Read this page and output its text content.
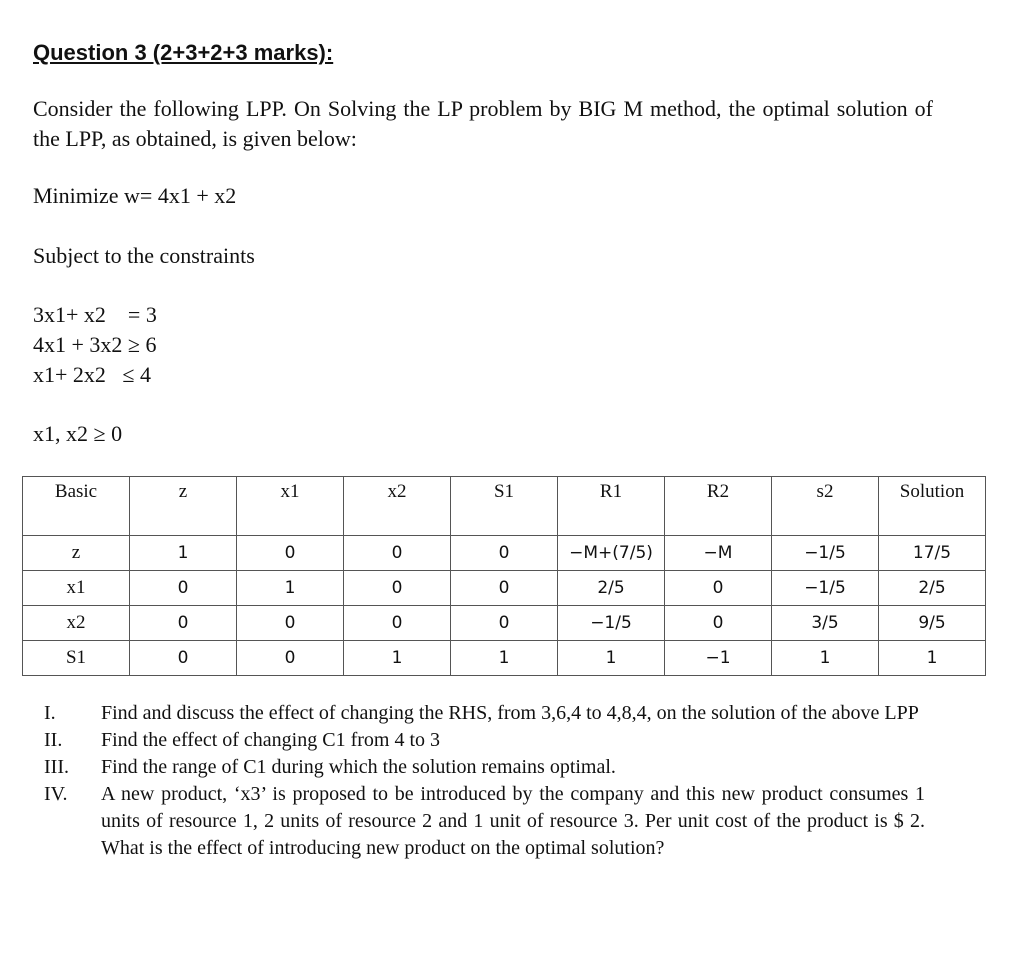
Question 3 (2+3+2+3 marks):
Consider the following LPP. On Solving the LP problem by BIG M method, the optimal solution of the LPP, as obtained, is given below:
Minimize w= 4x1 + x2
Subject to the constraints
3x1+ x2    = 3
4x1 + 3x2 ≥ 6
x1+ 2x2   ≤ 4
x1, x2 ≥ 0
Basic	z	x1	x2	S1	R1	R2	s2	Solution
z	1	0	0	0	−M+(7/5)	−M	−1/5	17/5
x1	0	1	0	0	2/5	0	−1/5	2/5
x2	0	0	0	0	−1/5	0	3/5	9/5
S1	0	0	1	1	1	−1	1	1
I.	Find and discuss the effect of changing the RHS, from 3,6,4 to 4,8,4, on the solution of the above LPP
II.	Find the effect of changing C1 from 4 to 3
III.	Find the range of C1 during which the solution remains optimal.
IV.	A new product, ‘x3’ is proposed to be introduced by the company and this new product consumes 1 units of resource 1, 2 units of resource 2 and 1 unit of resource 3. Per unit cost of the product is $ 2. What is the effect of introducing new product on the optimal solution?
